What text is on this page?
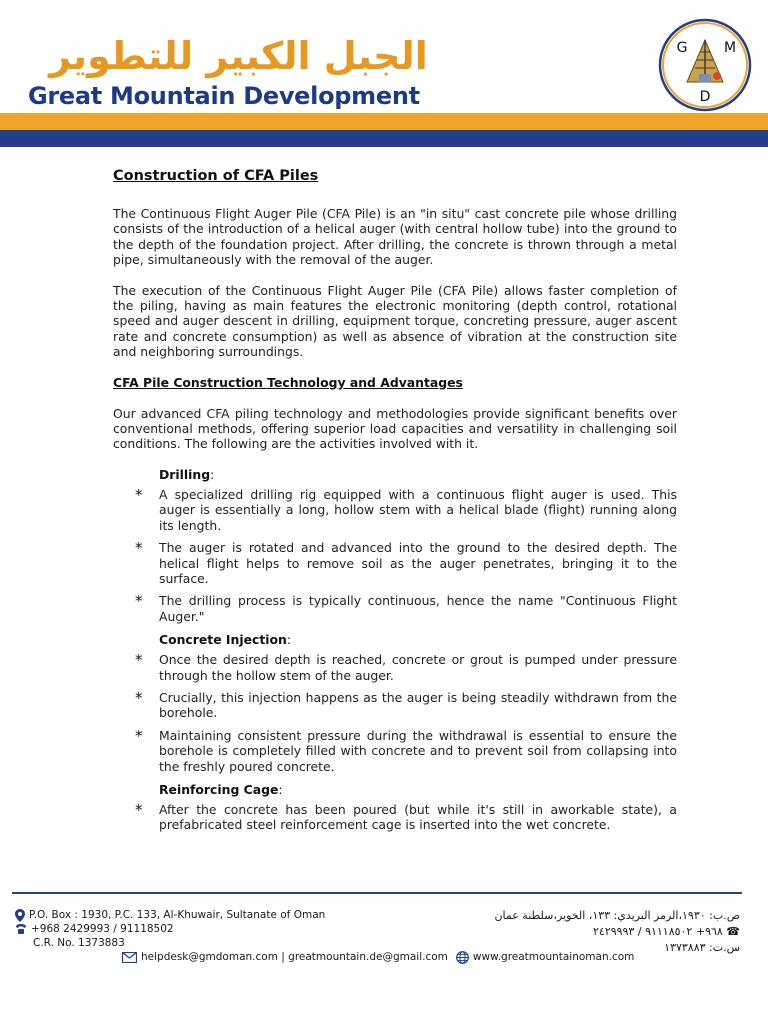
الجبل الكبير للتطوير
Great Mountain Development
G	M
D
Construction of CFA Piles

The Continuous Flight Auger Pile (CFA Pile) is an "in situ" cast concrete pile whose drilling consists of the introduction of a helical auger (with central hollow tube) into the ground to the depth of the foundation project. After drilling, the concrete is thrown through a metal pipe, simultaneously with the removal of the auger.

The execution of the Continuous Flight Auger Pile (CFA Pile) allows faster completion of the piling, having as main features the electronic monitoring (depth control, rotational speed and auger descent in drilling, equipment torque, concreting pressure, auger ascent rate and concrete consumption) as well as absence of vibration at the construction site and neighboring surroundings.

CFA Pile Construction Technology and Advantages

Our advanced CFA piling technology and methodologies provide significant benefits over conventional methods, offering superior load capacities and versatility in challenging soil conditions. The following are the activities involved with it.

Drilling:
* A specialized drilling rig equipped with a continuous flight auger is used. This auger is essentially a long, hollow stem with a helical blade (flight) running along its length.
* The auger is rotated and advanced into the ground to the desired depth. The helical flight helps to remove soil as the auger penetrates, bringing it to the surface.
* The drilling process is typically continuous, hence the name "Continuous Flight Auger."
Concrete Injection:
* Once the desired depth is reached, concrete or grout is pumped under pressure through the hollow stem of the auger.
* Crucially, this injection happens as the auger is being steadily withdrawn from the borehole.
* Maintaining consistent pressure during the withdrawal is essential to ensure the borehole is completely filled with concrete and to prevent soil from collapsing into the freshly poured concrete.
Reinforcing Cage:
* After the concrete has been poured (but while it's still in aworkable state), a prefabricated steel reinforcement cage is inserted into the wet concrete.
P.O. Box : 1930, P.C. 133, Al-Khuwair, Sultanate of Oman
+968 2429993 / 91118502
C.R. No. 1373883
ص.ب: ١٩٣٠،الرمز البريدي: ١٣٣، الخوير،سلطنة عمان
☎ ٩٦٨+ ٩١١١٨٥٠٢ / ٢٤٢٩٩٩٣
س.ت: ١٣٧٣٨٨٣
helpdesk@gmdoman.com | greatmountain.de@gmail.com www.greatmountainoman.com
